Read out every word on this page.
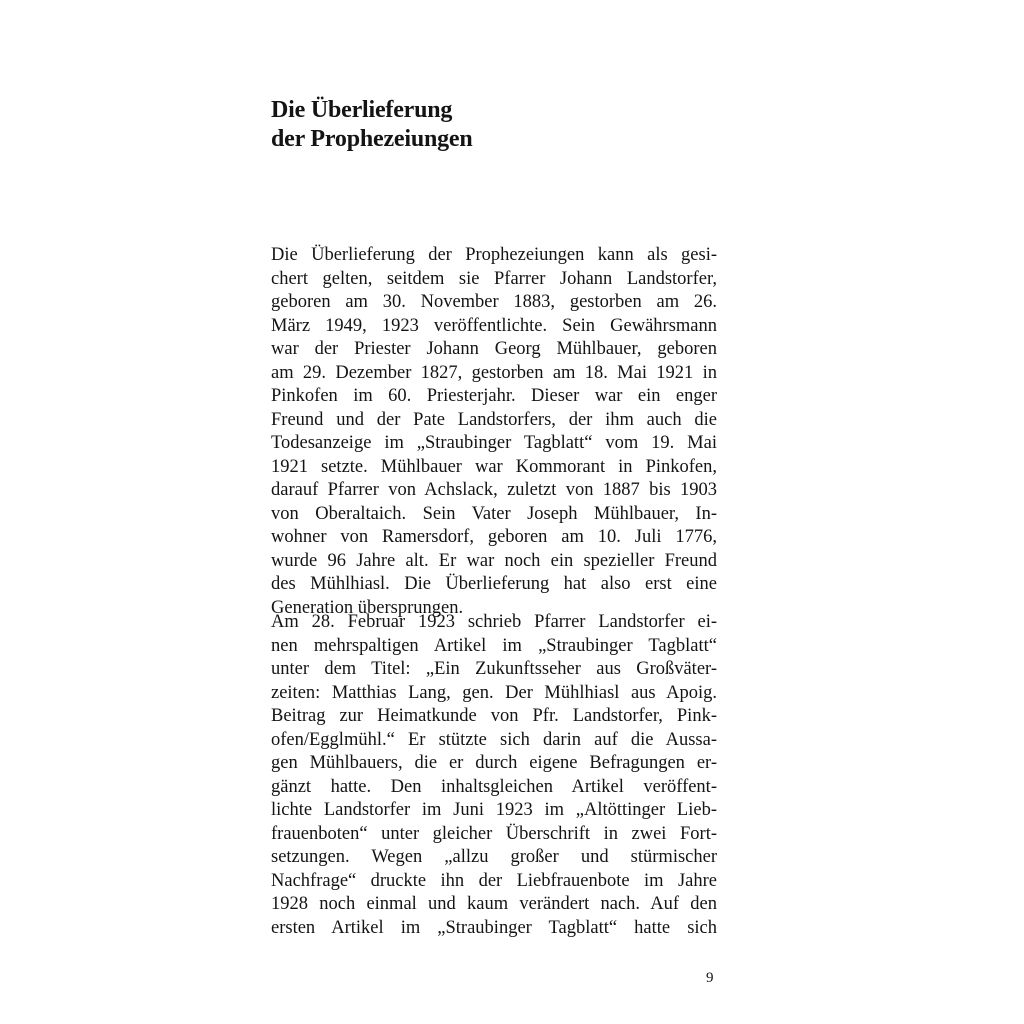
Die Überlieferung
der Prophezeiungen
Die Überlieferung der Prophezeiungen kann als gesi-
chert gelten, seitdem sie Pfarrer Johann Landstorfer,
geboren am 30. November 1883, gestorben am 26.
März 1949, 1923 veröffentlichte. Sein Gewährsmann
war der Priester Johann Georg Mühlbauer, geboren
am 29. Dezember 1827, gestorben am 18. Mai 1921 in
Pinkofen im 60. Priesterjahr. Dieser war ein enger
Freund und der Pate Landstorfers, der ihm auch die
Todesanzeige im „Straubinger Tagblatt“ vom 19. Mai
1921 setzte. Mühlbauer war Kommorant in Pinkofen,
darauf Pfarrer von Achslack, zuletzt von 1887 bis 1903
von Oberaltaich. Sein Vater Joseph Mühlbauer, In-
wohner von Ramersdorf, geboren am 10. Juli 1776,
wurde 96 Jahre alt. Er war noch ein spezieller Freund
des Mühlhiasl. Die Überlieferung hat also erst eine
Generation übersprungen.
Am 28. Februar 1923 schrieb Pfarrer Landstorfer ei-
nen mehrspaltigen Artikel im „Straubinger Tagblatt“
unter dem Titel: „Ein Zukunftsseher aus Großväter-
zeiten: Matthias Lang, gen. Der Mühlhiasl aus Apoig.
Beitrag zur Heimatkunde von Pfr. Landstorfer, Pink-
ofen/Egglmühl.“ Er stützte sich darin auf die Aussa-
gen Mühlbauers, die er durch eigene Befragungen er-
gänzt hatte. Den inhaltsgleichen Artikel veröffent-
lichte Landstorfer im Juni 1923 im „Altöttinger Lieb-
frauenboten“ unter gleicher Überschrift in zwei Fort-
setzungen. Wegen „allzu großer und stürmischer
Nachfrage“ druckte ihn der Liebfrauenbote im Jahre
1928 noch einmal und kaum verändert nach. Auf den
ersten Artikel im „Straubinger Tagblatt“ hatte sich
9
